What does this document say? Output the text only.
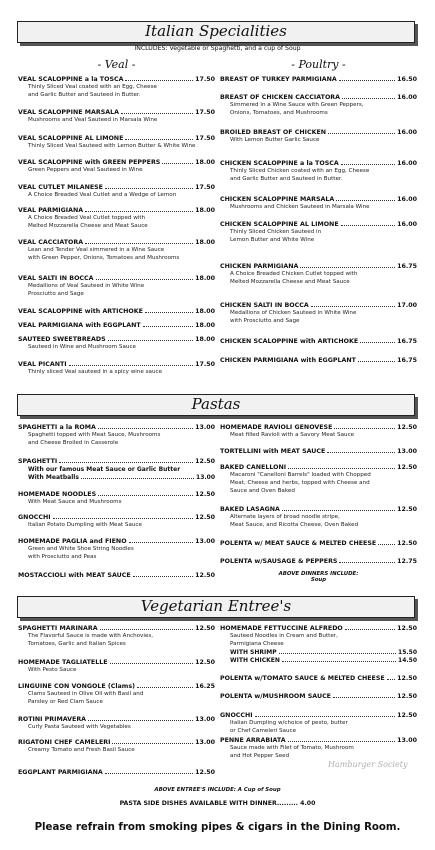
Italian Specialities
INCLUDES: Vegetable or Spaghetti, and a cup of Soup
- Veal -	- Poultry -
VEAL SCALOPPINE a la TOSCA	17.50
Thinly Sliced Veal coated with an Egg, Cheese
and Garlic Butter and Sauteed in Butter.
VEAL SCALOPPINE MARSALA	17.50
Mushrooms and Veal Sauteed in Marsala Wine
VEAL SCALOPPINE AL LIMONE	17.50
Thinly Sliced Veal Sauteed with Lemon Butter & White Wine
VEAL SCALOPPINE with GREEN PEPPERS	18.00
Green Peppers and Veal Sauteed in Wine
VEAL CUTLET MILANESE	17.50
A Choice Breaded Veal Cutlet and a Wedge of Lemon
VEAL PARMIGIANA	18.00
A Choice Breaded Veal Cutlet topped with
Melted Mozzarella Cheese and Meat Sauce
VEAL CACCIATORA	18.00
Lean and Tender Veal simmered in a Wine Sauce
with Green Pepper, Onions, Tomatoes and Mushrooms
VEAL SALTI IN BOCCA	18.00
Medallions of Veal Sauteed in White Wine
Prosciutto and Sage
VEAL SCALOPPINE with ARTICHOKE	18.00
VEAL PARMIGIANA with EGGPLANT	18.00
SAUTEED SWEETBREADS	18.00
Sauteed in Wine and Mushroom Sauce
VEAL PICANTI	17.50
Thinly sliced Veal sauteed in a spicy wine sauce
BREAST OF TURKEY PARMIGIANA	16.50
BREAST OF CHICKEN CACCIATORA	16.00
Simmered in a Wine Sauce with Green Peppers,
Onions, Tomatoes, and Mushrooms
BROILED BREAST OF CHICKEN	16.00
With Lemon Butter Garlic Sauce
CHICKEN SCALOPPINE a la TOSCA	16.00
Thinly Sliced Chicken coated with an Egg, Cheese
and Garlic Butter and Sauteed in Butter.
CHICKEN SCALOPPINE MARSALA	16.00
Mushrooms and Chicken Sauteed in Marsala Wine
CHICKEN SCALOPPINE AL LIMONE	16.00
Thinly Sliced Chicken Sauteed in
Lemon Butter and White Wine
CHICKEN PARMIGIANA	16.75
A Choice Breaded Chicken Cutlet topped with
Melted Mozzarella Cheese and Meat Sauce
CHICKEN SALTI IN BOCCA	17.00
Medallions of Chicken Sauteed in White Wine
with Prosciutto and Sage
CHICKEN SCALOPPINE with ARTICHOKE	16.75
CHICKEN PARMIGIANA with EGGPLANT	16.75
Pastas
SPAGHETTI a la ROMA	13.00
Spaghetti topped with Meat Sauce, Mushrooms
and Cheese Broiled in Casserole
SPAGHETTI	12.50
With our famous Meat Sauce or Garlic Butter
With Meatballs	13.00
HOMEMADE NOODLES	12.50
With Meat Sauce and Mushrooms
GNOCCHI	12.50
Italian Potato Dumpling with Meat Sauce
HOMEMADE PAGLIA and FIENO	13.00
Green and White Shoe String Noodles
with Prosciutto and Peas
MOSTACCIOLI with MEAT SAUCE	12.50
HOMEMADE RAVIOLI GENOVESE	12.50
Meat filled Ravioli with a Savory Meat Sauce
TORTELLINI with MEAT SAUCE	13.00
BAKED CANELLONI	12.50
Macaroni "Canelloni Barrels" loaded with Chopped
Meat, Cheese and herbs, topped with Cheese and
Sauce and Oven Baked
BAKED LASAGNA	12.50
Alternate layers of broad noodle stripe,
Meat Sauce, and Ricotta Cheese, Oven Baked
POLENTA w/ MEAT SAUCE & MELTED CHEESE	12.50
POLENTA w/SAUSAGE & PEPPERS	12.75
ABOVE DINNERS INCLUDE:
Soup
Vegetarian Entree's
SPAGHETTI MARINARA	12.50
The Flavorful Sauce is made with Anchovies,
Tomatoes, Garlic and Italian Spices
HOMEMADE TAGLIATELLE	12.50
With Pesto Sauce
LINGUINE CON VONGOLE (Clams)	16.25
Clams Sauteed in Olive Oil with Basil and
Parsley or Red Clam Sauce
ROTINI PRIMAVERA	13.00
Curly Pasta Sauteed with Vegetables
RIGATONI CHEF CAMELERI	13.00
Creamy Tomato and Fresh Basil Sauce
EGGPLANT PARMIGIANA	12.50
HOMEMADE FETTUCCINE ALFREDO	12.50
Sauteed Noodles in Cream and Butter,
Parmigiana Cheese
WITH SHRIMP	15.50
WITH CHICKEN	14.50
POLENTA w/TOMATO SAUCE & MELTED CHEESE 12.50
POLENTA w/MUSHROOM SAUCE	12.50
GNOCCHI	12.50
Italian Dumpling w/choice of pesto, butter
or Chef Cameleri Sauce
PENNE ARRABIATA	13.00
Sauce made with Filet of Tomato, Mushroom
and Hot Pepper Seed
ABOVE ENTREE'S INCLUDE: A Cup of Soup
PASTA SIDE DISHES AVAILABLE WITH DINNER......... 4.00
Please refrain from smoking pipes & cigars in the Dining Room.
Hamburger Society
